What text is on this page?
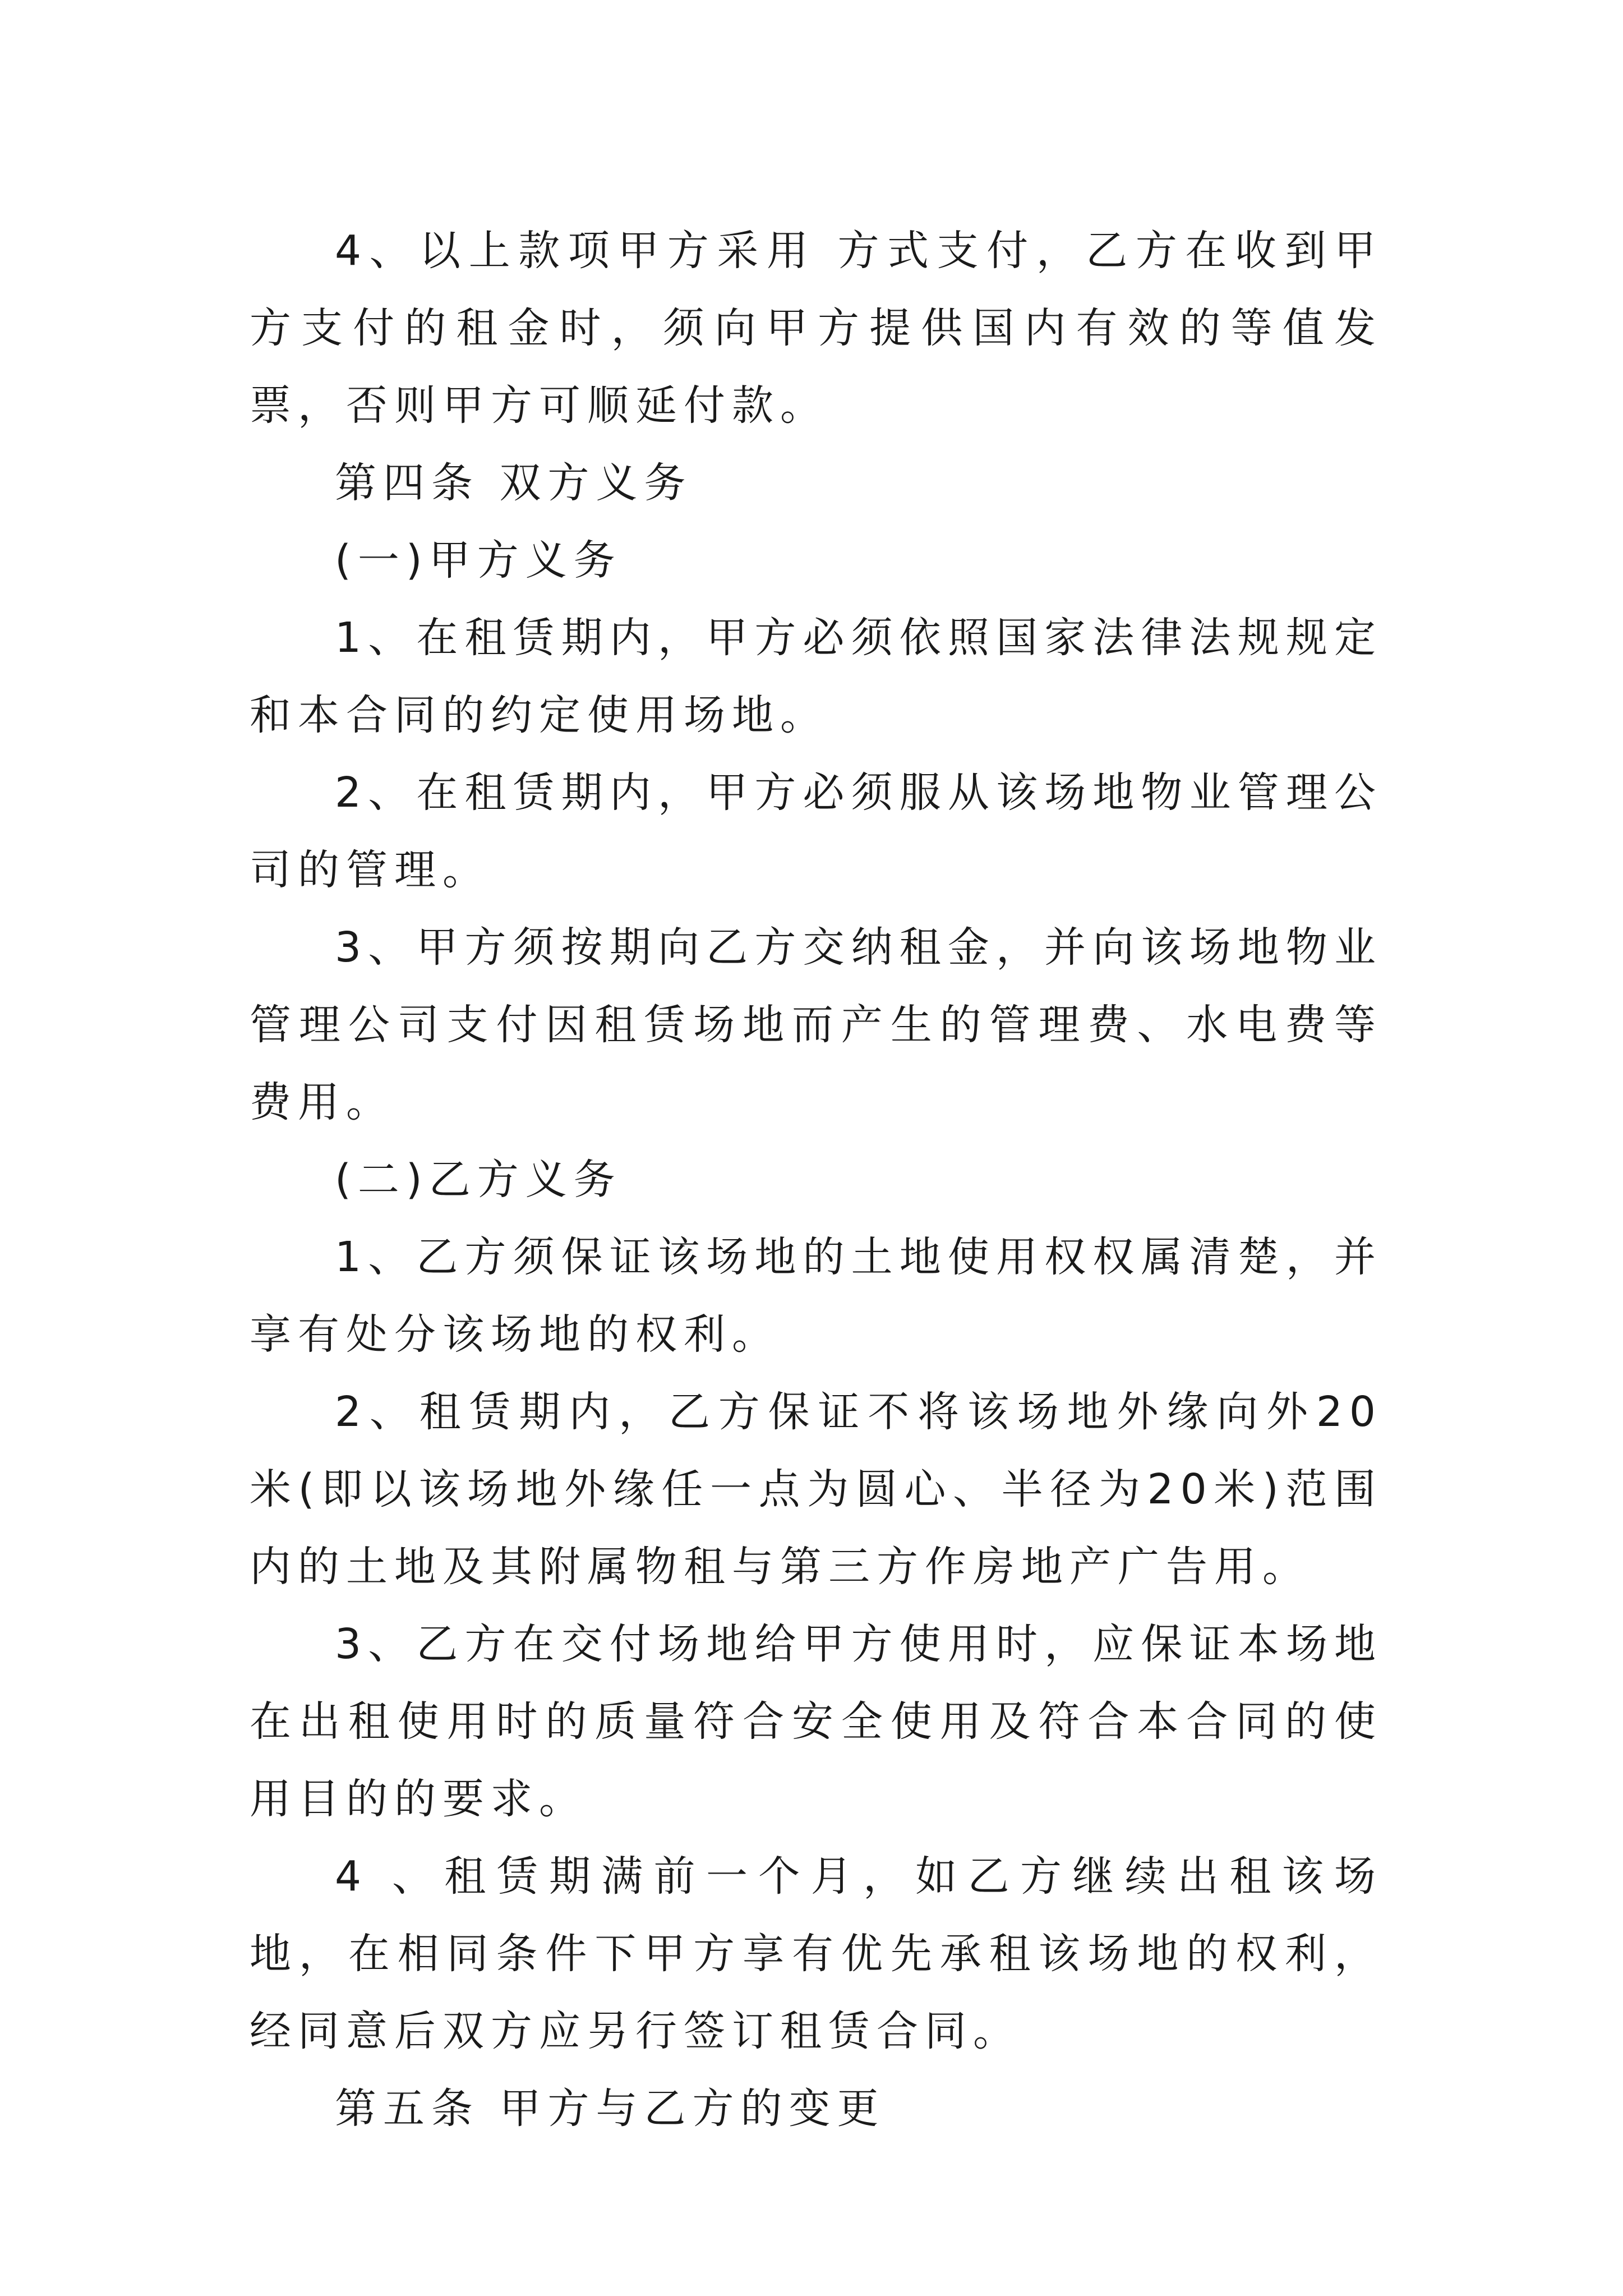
4、以上款项甲方采用 方式支付，乙方在收到甲方支付的租金时，须向甲方提供国内有效的等值发票，否则甲方可顺延付款。

第四条 双方义务

(一)甲方义务

1、在租赁期内，甲方必须依照国家法律法规规定和本合同的约定使用场地。

2、在租赁期内，甲方必须服从该场地物业管理公司的管理。

3、甲方须按期向乙方交纳租金，并向该场地物业管理公司支付因租赁场地而产生的管理费、水电费等费用。

(二)乙方义务

1、乙方须保证该场地的土地使用权权属清楚，并享有处分该场地的权利。

2、租赁期内，乙方保证不将该场地外缘向外20米(即以该场地外缘任一点为圆心、半径为20米)范围内的土地及其附属物租与第三方作房地产广告用。

3、乙方在交付场地给甲方使用时，应保证本场地在出租使用时的质量符合安全使用及符合本合同的使用目的的要求。

4 、租赁期满前一个月，如乙方继续出租该场地，在相同条件下甲方享有优先承租该场地的权利，经同意后双方应另行签订租赁合同。

第五条 甲方与乙方的变更
